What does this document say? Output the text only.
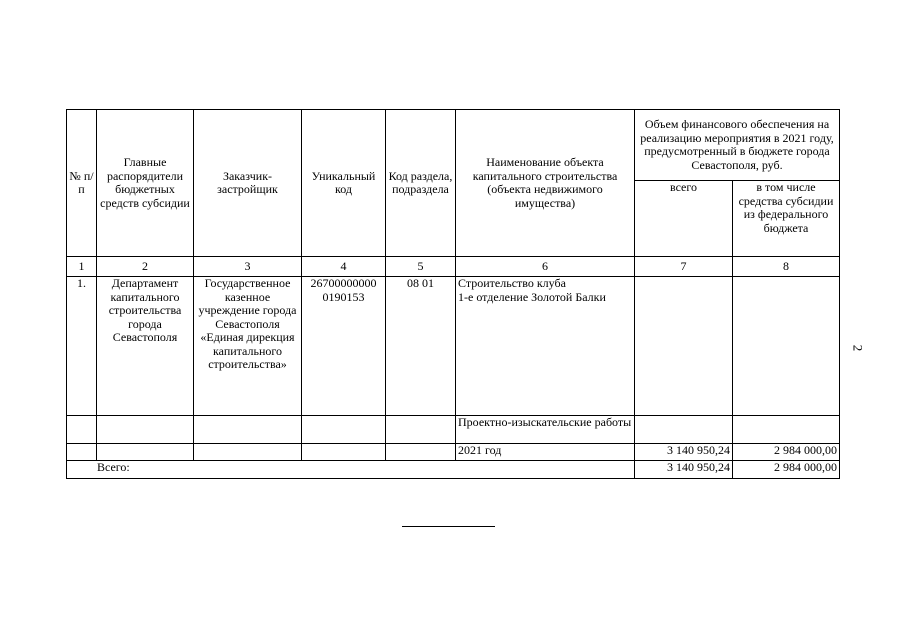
№ п/п	Главные распорядители бюджетных средств субсидии	Заказчик-застройщик	Уникальный код	Код раздела, подраздела	Наименование объекта капитального строительства (объекта недвижимого имущества)	Объем финансового обеспечения на реализацию мероприятия в 2021 году, предусмотренный в бюджете города Севастополя, руб.	
						всего	в том числе средства субсидии из федерального бюджета
1	2	3	4	5	6	7	8
1.	Департамент капитального строительства города Севастополя	Государственное казенное учреждение города Севастополя «Единая дирекция капитального строительства»	26700000000 0190153	08 01	Строительство клуба
1-е отделение Золотой Балки		

					Проектно-изыскательские работы		
					2021 год	3 140 950,24	2 984 000,00
Всего:						3 140 950,24	2 984 000,00
2
